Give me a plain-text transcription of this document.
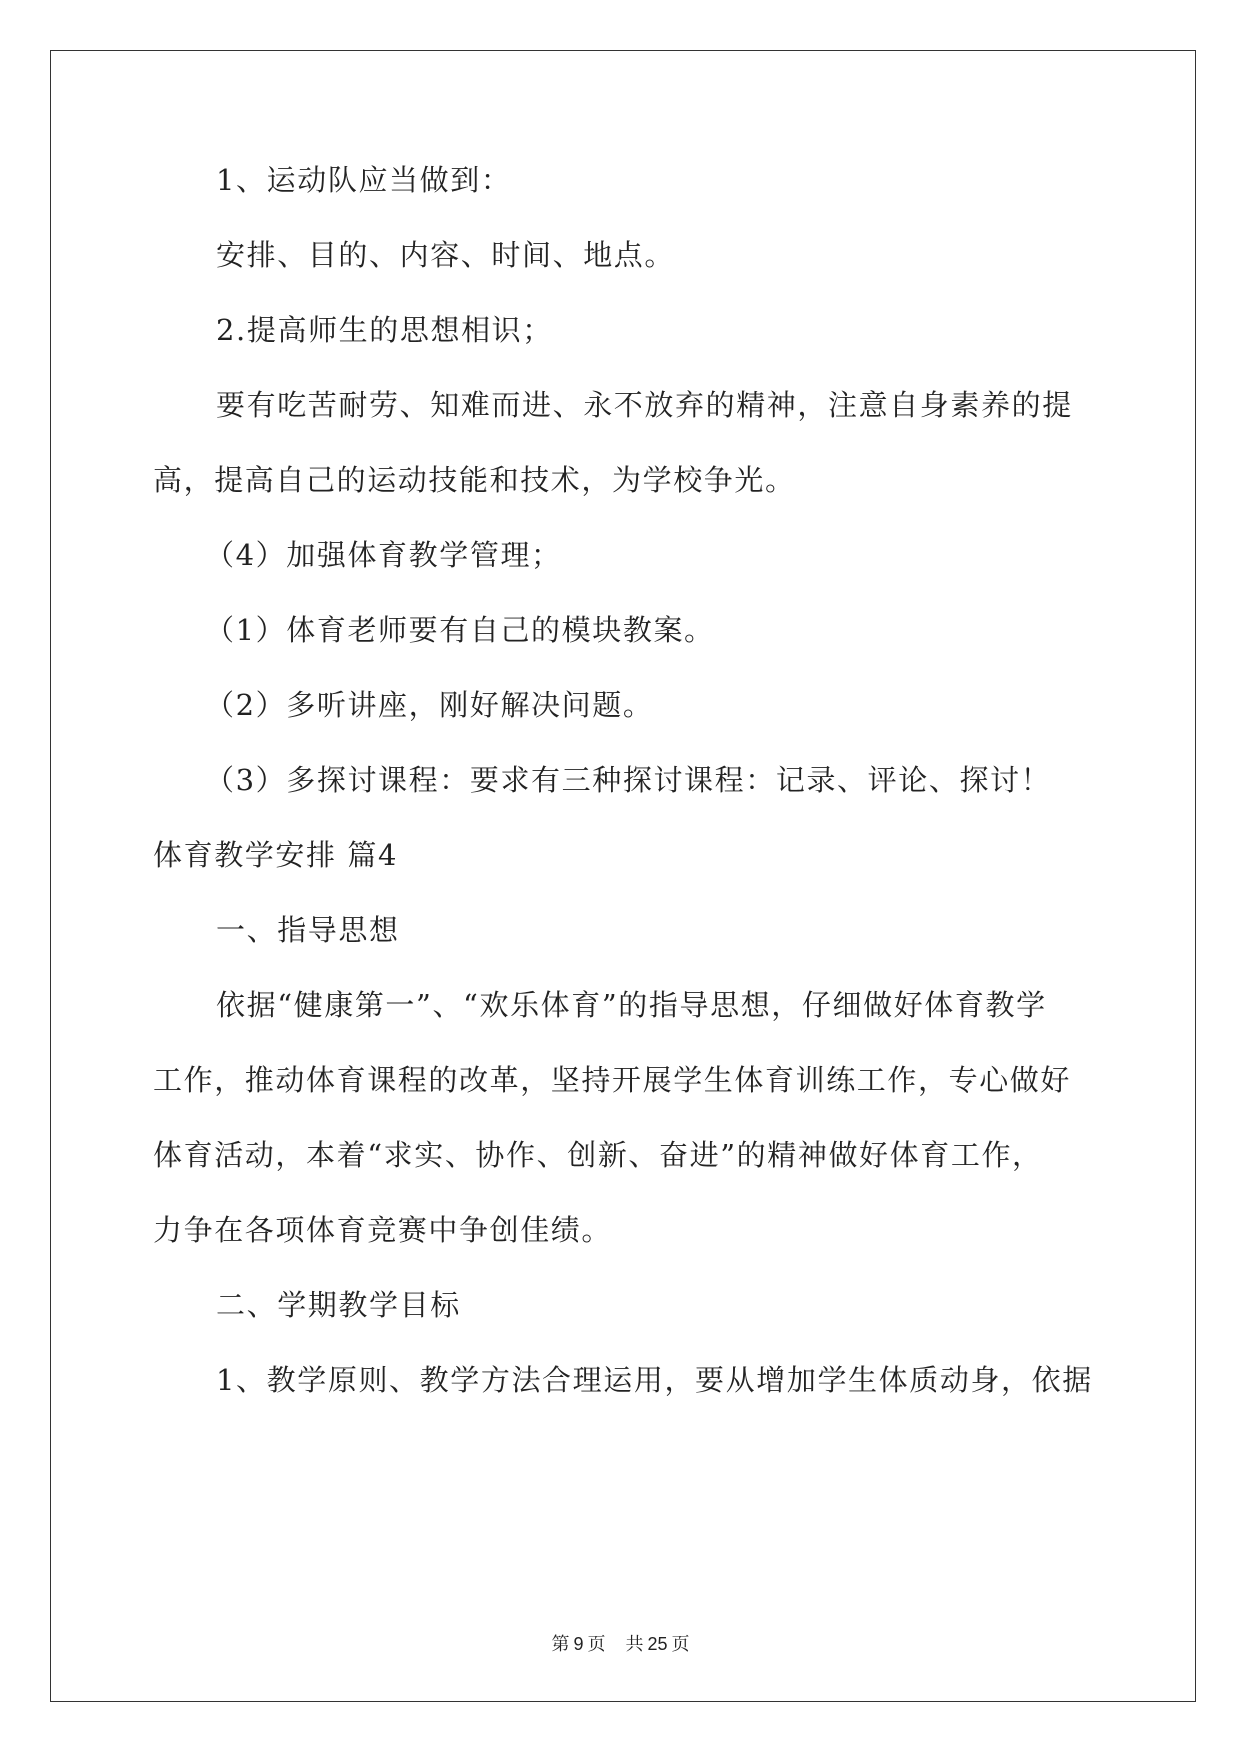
1、运动队应当做到：
安排、目的、内容、时间、地点。
2.提高师生的思想相识；
要有吃苦耐劳、知难而进、永不放弃的精神，注意自身素养的提
高，提高自己的运动技能和技术，为学校争光。
（4）加强体育教学管理；
（1）体育老师要有自己的模块教案。
（2）多听讲座，刚好解决问题。
（3）多探讨课程：要求有三种探讨课程：记录、评论、探讨！
体育教学安排 篇4
一、指导思想
依据“健康第一”、“欢乐体育”的指导思想，仔细做好体育教学
工作，推动体育课程的改革，坚持开展学生体育训练工作，专心做好
体育活动，本着“求实、协作、创新、奋进”的精神做好体育工作，
力争在各项体育竞赛中争创佳绩。
二、学期教学目标
1、教学原则、教学方法合理运用，要从增加学生体质动身，依据
第 9 页 共 25 页
